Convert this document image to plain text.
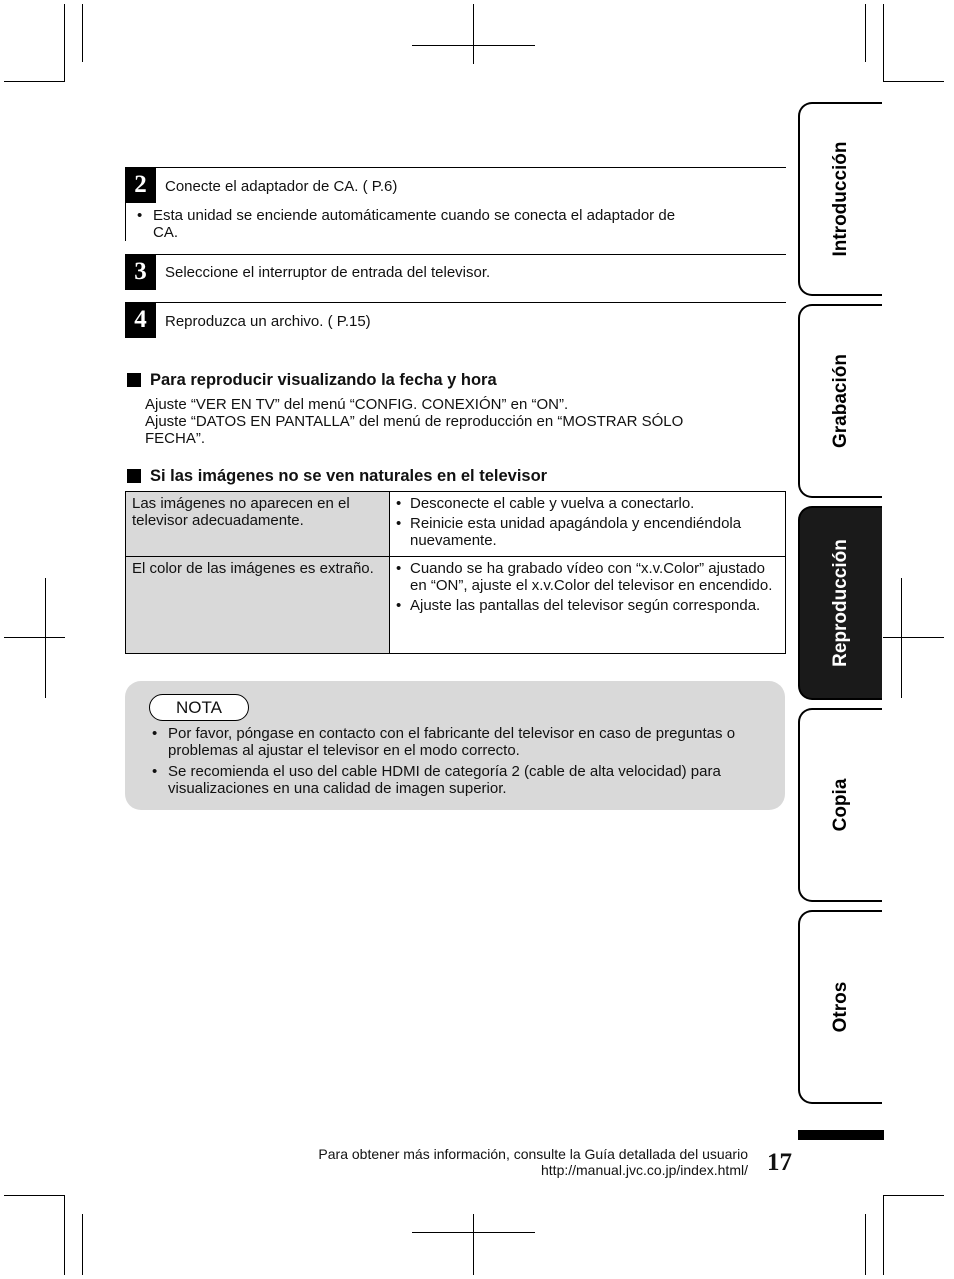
2	Conecte el adaptador de CA. ( P.6)
• Esta unidad se enciende automáticamente cuando se conecta el adaptador de
CA.
3	Seleccione el interruptor de entrada del televisor.
4	Reproduzca un archivo. ( P.15)
Para reproducir visualizando la fecha y hora
Ajuste “VER EN TV” del menú “CONFIG. CONEXIÓN” en “ON”.
Ajuste “DATOS EN PANTALLA” del menú de reproducción en “MOSTRAR SÓLO
FECHA”.
Si las imágenes no se ven naturales en el televisor
Las imágenes no aparecen en el televisor adecuadamente.	• Desconecte el cable y vuelva a conectarlo.
• Reinicie esta unidad apagándola y encendiéndola nuevamente.

El color de las imágenes es extraño.	• Cuando se ha grabado vídeo con “x.v.Color” ajustado en “ON”, ajuste el x.v.Color del televisor en encendido.
• Ajuste las pantallas del televisor según corresponda.
NOTA
• Por favor, póngase en contacto con el fabricante del televisor en caso de preguntas o problemas al ajustar el televisor en el modo correcto.
• Se recomienda el uso del cable HDMI de categoría 2 (cable de alta velocidad) para visualizaciones en una calidad de imagen superior.
Introducción
Grabación
Reproducción
Copia
Otros
Para obtener más información, consulte la Guía detallada del usuario
http://manual.jvc.co.jp/index.html/ 17
